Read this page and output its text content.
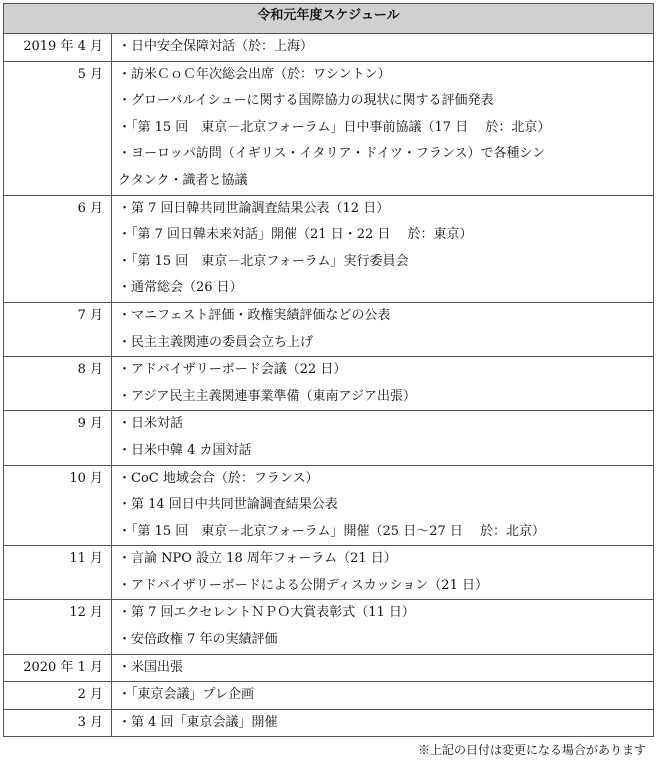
令和元年度スケジュール	
2019 年 4 月	・日中安全保障対話（於：上海）

5 月	・訪米ＣｏＣ年次総会出席（於：ワシントン）
・グローバルイシューに関する国際協力の現状に関する評価発表
・「第 15 回　東京－北京フォーラム」日中事前協議（17 日　 於：北京）
・ヨーロッパ訪問（イギリス・イタリア・ドイツ・フランス）で各種シン
クタンク・識者と協議

6 月	・第 7 回日韓共同世論調査結果公表（12 日）
・「第 7 回日韓未来対話」開催（21 日・22 日　 於：東京）
・「第 15 回　東京－北京フォーラム」実行委員会
・通常総会（26 日）

7 月	・マニフェスト評価・政権実績評価などの公表
・民主主義関連の委員会立ち上げ

8 月	・アドバイザリーボード会議（22 日）
・アジア民主主義関連事業準備（東南アジア出張）

9 月	・日米対話
・日米中韓 4 カ国対話

10 月	・CoC 地域会合（於：フランス）
・第 14 回日中共同世論調査結果公表
・「第 15 回　東京－北京フォーラム」開催（25 日～27 日　 於：北京）

11 月	・言論 NPO 設立 18 周年フォーラム（21 日）
・アドバイザリーボードによる公開ディスカッション（21 日）

12 月	・第 7 回エクセレントＮＰＯ大賞表彰式（11 日）
・安倍政権 7 年の実績評価

2020 年 1 月	・米国出張

2 月	・「東京会議」プレ企画

3 月	・第 4 回「東京会議」開催
※上記の日付は変更になる場合があります
